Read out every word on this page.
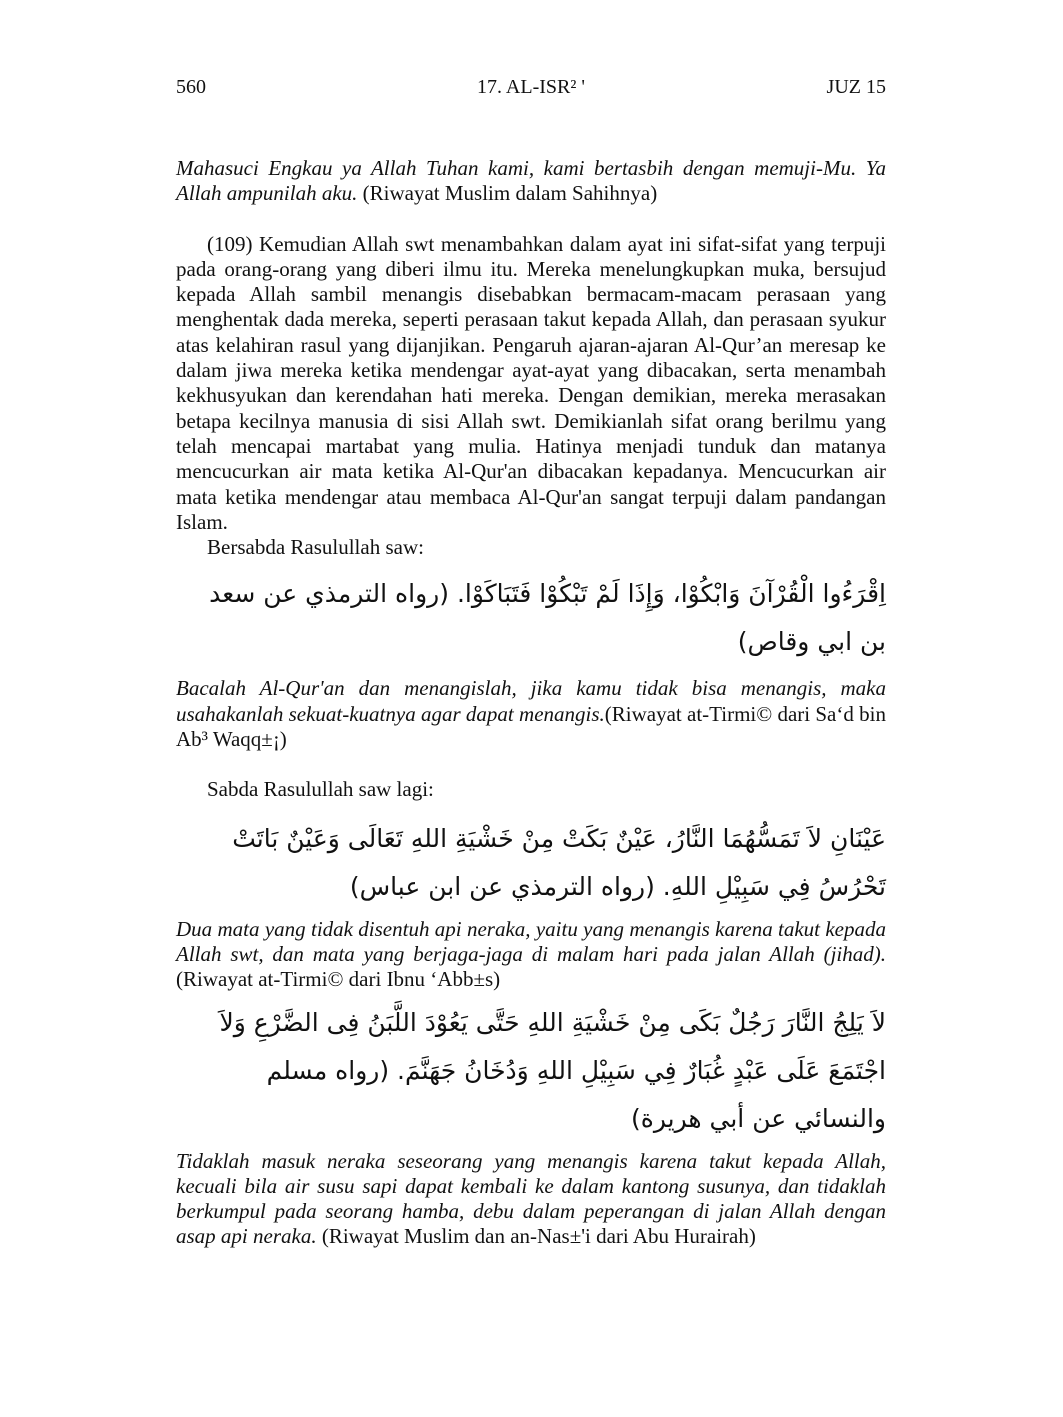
560	17. AL-ISR² '	JUZ 15

Mahasuci Engkau ya Allah Tuhan kami, kami bertasbih dengan memuji-Mu. Ya Allah ampunilah aku. (Riwayat Muslim dalam Sahihnya)

(109) Kemudian Allah swt menambahkan dalam ayat ini sifat-sifat yang terpuji pada orang-orang yang diberi ilmu itu. Mereka menelungkupkan muka, bersujud kepada Allah sambil menangis disebabkan bermacam-macam perasaan yang menghentak dada mereka, seperti perasaan takut kepada Allah, dan perasaan syukur atas kelahiran rasul yang dijanjikan. Pengaruh ajaran-ajaran Al-Qur’an meresap ke dalam jiwa mereka ketika mendengar ayat-ayat yang dibacakan, serta menambah kekhusyukan dan kerendahan hati mereka. Dengan demikian, mereka merasakan betapa kecilnya manusia di sisi Allah swt. Demikianlah sifat orang berilmu yang telah mencapai martabat yang mulia. Hatinya menjadi tunduk dan matanya mencucurkan air mata ketika Al-Qur'an dibacakan kepadanya. Mencucurkan air mata ketika mendengar atau membaca Al-Qur'an sangat terpuji dalam pandangan Islam.

Bersabda Rasulullah saw:

اِقْرَءُوا الْقُرْآنَ وَابْكُوْا، وَإِذَا لَمْ تَبْكُوْا فَتَبَاكَوْا. (رواه الترمذي عن سعد بن ابي وقاص)

Bacalah Al-Qur'an dan menangislah, jika kamu tidak bisa menangis, maka usahakanlah sekuat-kuatnya agar dapat menangis.(Riwayat at-Tirmi© dari Sa‘d bin Ab³ Waqq±¡)

Sabda Rasulullah saw lagi:

عَيْنَانِ لاَ تَمَسُّهُمَا النَّارُ، عَيْنٌ بَكَتْ مِنْ خَشْيَةِ اللهِ تَعَالَى وَعَيْنٌ بَاتَتْ تَحْرُسُ فِي سَبِيْلِ اللهِ. (رواه الترمذي عن ابن عباس)

Dua mata yang tidak disentuh api neraka, yaitu yang menangis karena takut kepada Allah swt, dan mata yang berjaga-jaga di malam hari pada jalan Allah (jihad). (Riwayat at-Tirmi© dari Ibnu ‘Abb±s)

لاَ يَلِجُ النَّارَ رَجُلٌ بَكَى مِنْ خَشْيَةِ اللهِ حَتَّى يَعُوْدَ اللَّبَنُ فِى الضَّرْعِ وَلاَ اجْتَمَعَ عَلَى عَبْدٍ غُبَارٌ فِي سَبِيْلِ اللهِ وَدُخَانُ جَهَنَّمَ. (رواه مسلم والنسائي عن أبي هريرة)

Tidaklah masuk neraka seseorang yang menangis karena takut kepada Allah, kecuali bila air susu sapi dapat kembali ke dalam kantong susunya, dan tidaklah berkumpul pada seorang hamba, debu dalam peperangan di jalan Allah dengan asap api neraka. (Riwayat Muslim dan an-Nas±'i dari Abu Hurairah)
